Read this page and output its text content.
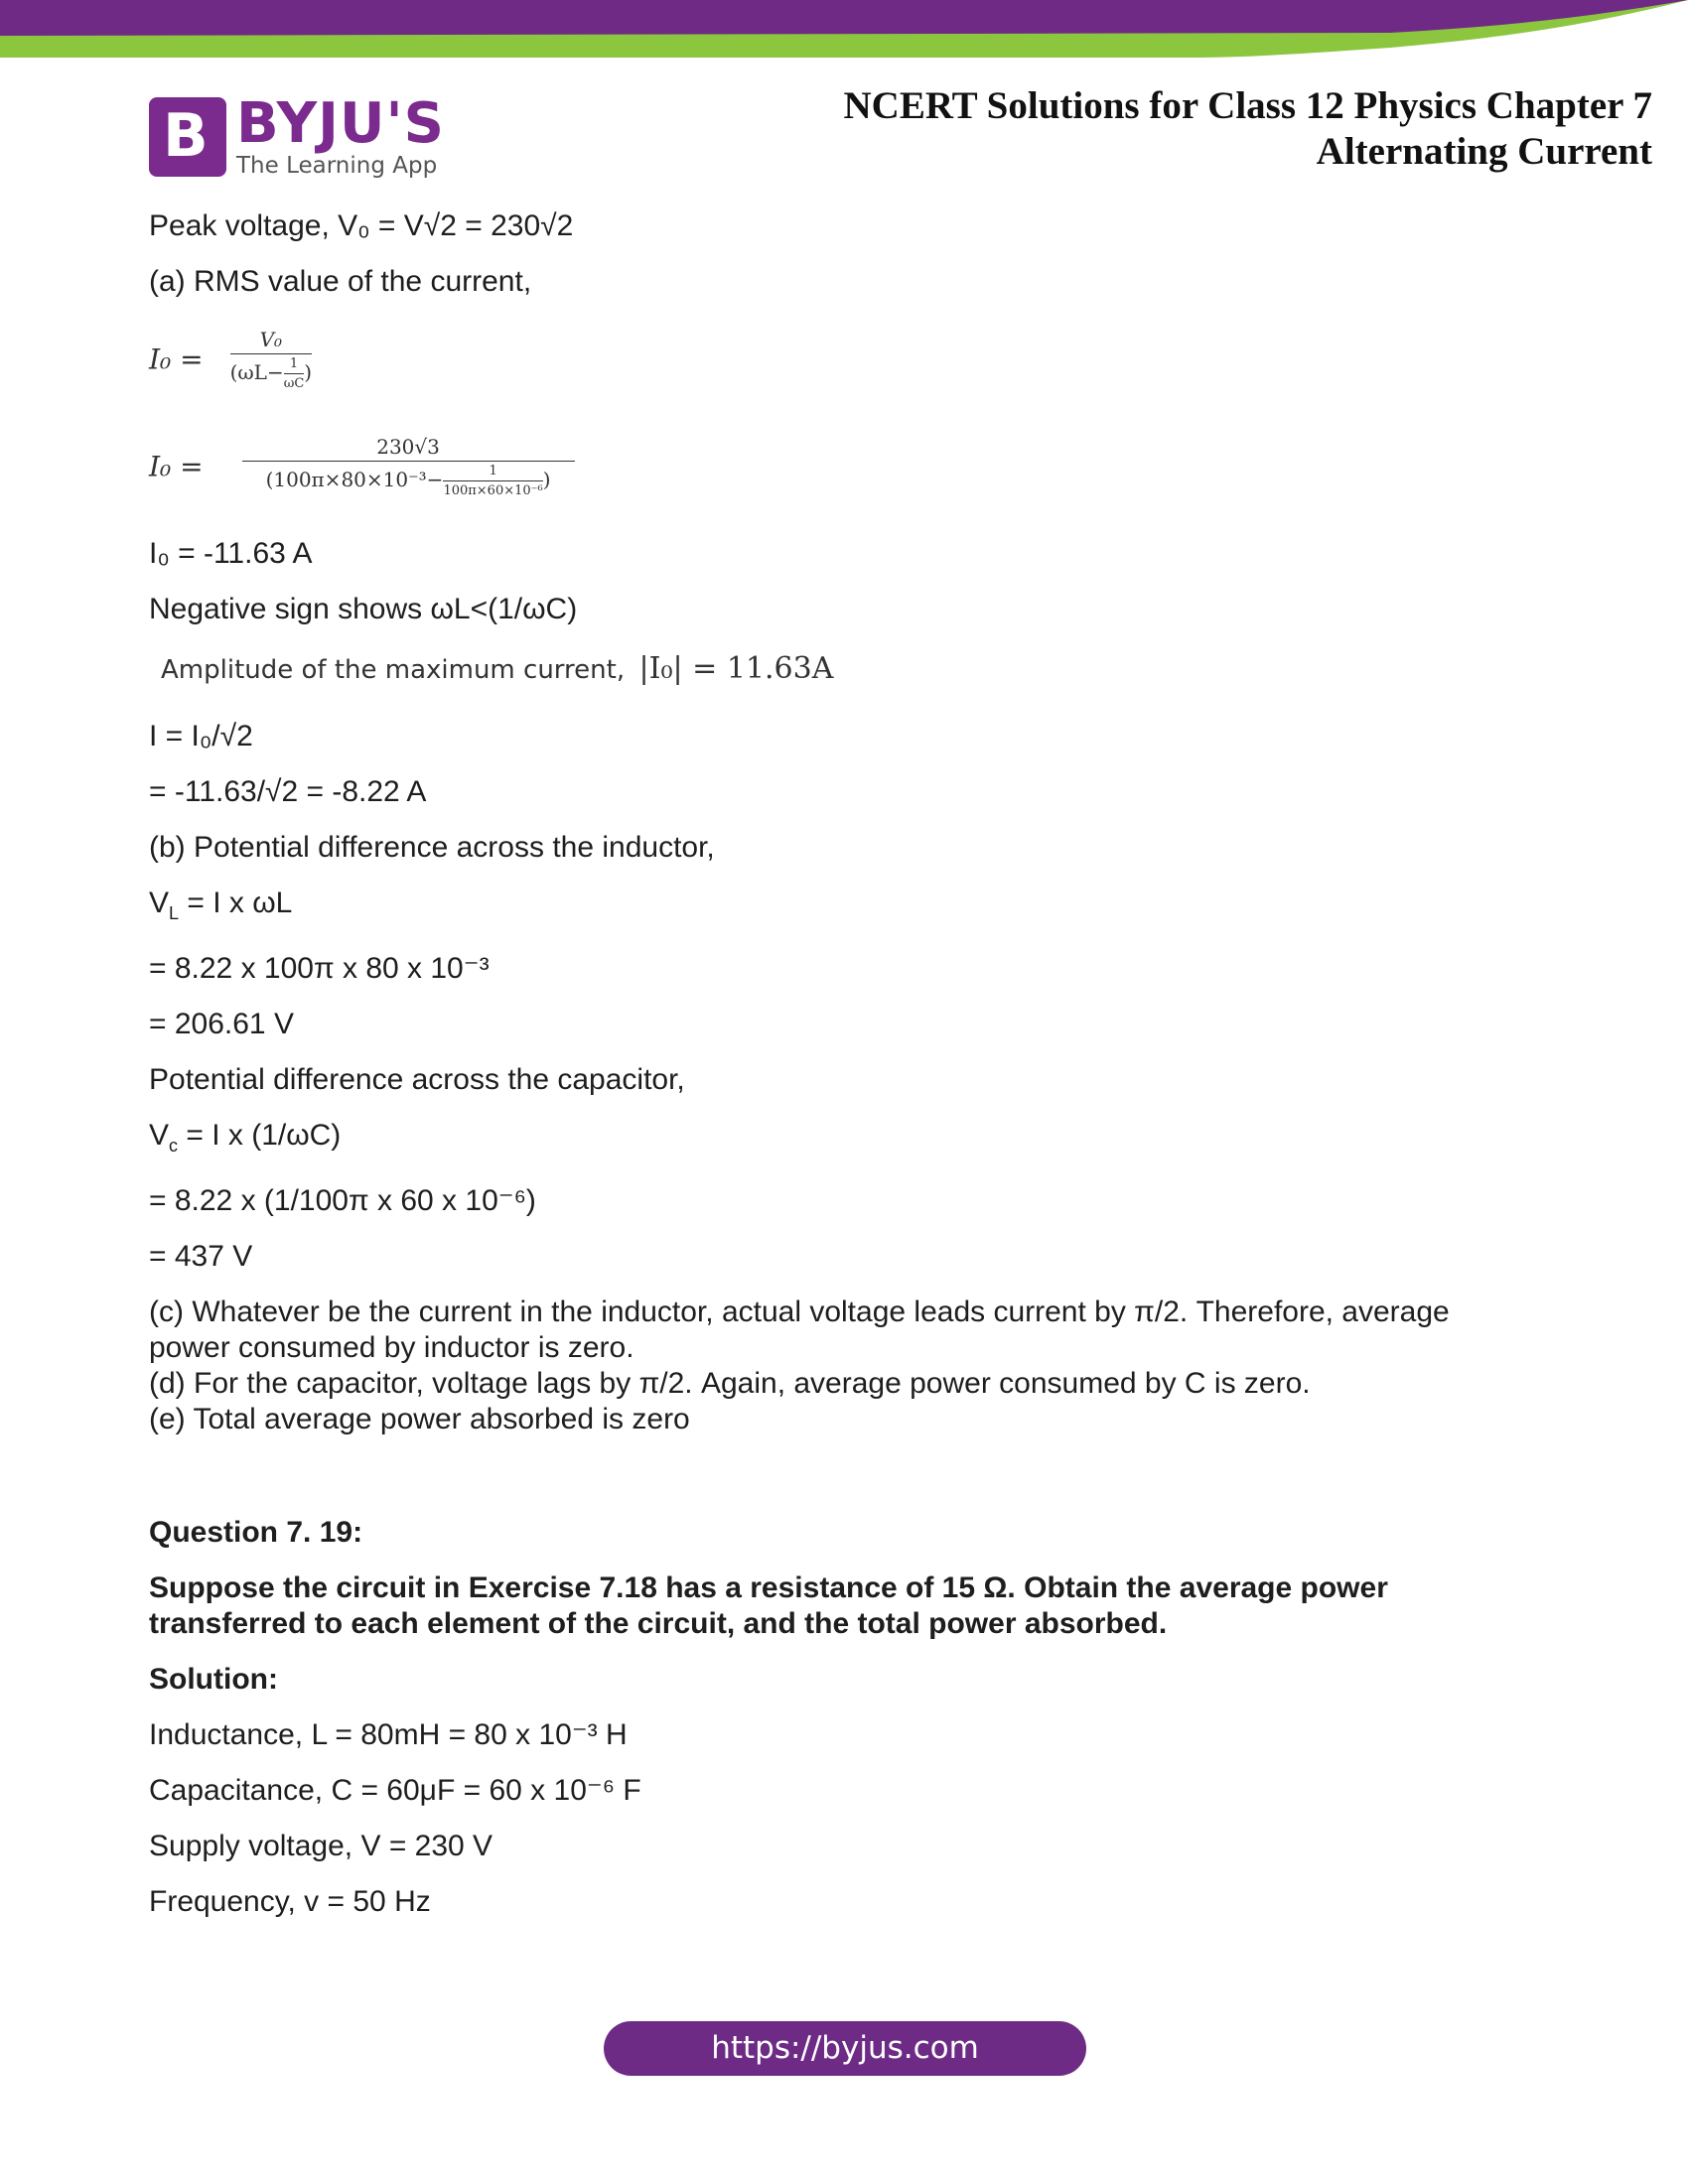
B BYJU'S
The Learning App
NCERT Solutions for Class 12 Physics Chapter 7
Alternating Current

Peak voltage, V₀ = V√2 = 230√2

(a) RMS value of the current,

$I_0 = \frac{\text{V₀}}{(\omega L- \frac{1}{\omega C} )}$
$I_0 = \frac{230√3}{(100\pi\times 80\times 10^{-3}- \frac{1}{\text{100π×60×10⁻⁶}} )}$

I₀ = -11.63 A

Negative sign shows ωL<(1/ωC)

Amplitude of the maximum current, |I₀| = 11.63A

I = I₀/√2

= -11.63/√2 = -8.22 A

(b) Potential difference across the inductor,

$V_L = I$ x ωL

= 8.22 x 100π x 80 x 10⁻³

= 206.61 V

Potential difference across the capacitor,

$V_c = I$ x (1/ωC)

= 8.22 x (1/100π x 60 x 10⁻⁶)

= 437 V

(c) Whatever be the current in the inductor, actual voltage leads current by π/2. Therefore, average

power consumed by inductor is zero.

(d) For the capacitor, voltage lags by π/2. Again, average power consumed by C is zero.

(e) Total average power absorbed is zero

Question 7. 19:

Suppose the circuit in Exercise 7.18 has a resistance of 15 Ω. Obtain the average power

transferred to each element of the circuit, and the total power absorbed.

Solution:

Inductance, L = 80mH = 80 x 10⁻³ H

Capacitance, C = 60μF = 60 x 10⁻⁶ F

Supply voltage, V = 230 V

Frequency, v = 50 Hz

https://byjus.com
